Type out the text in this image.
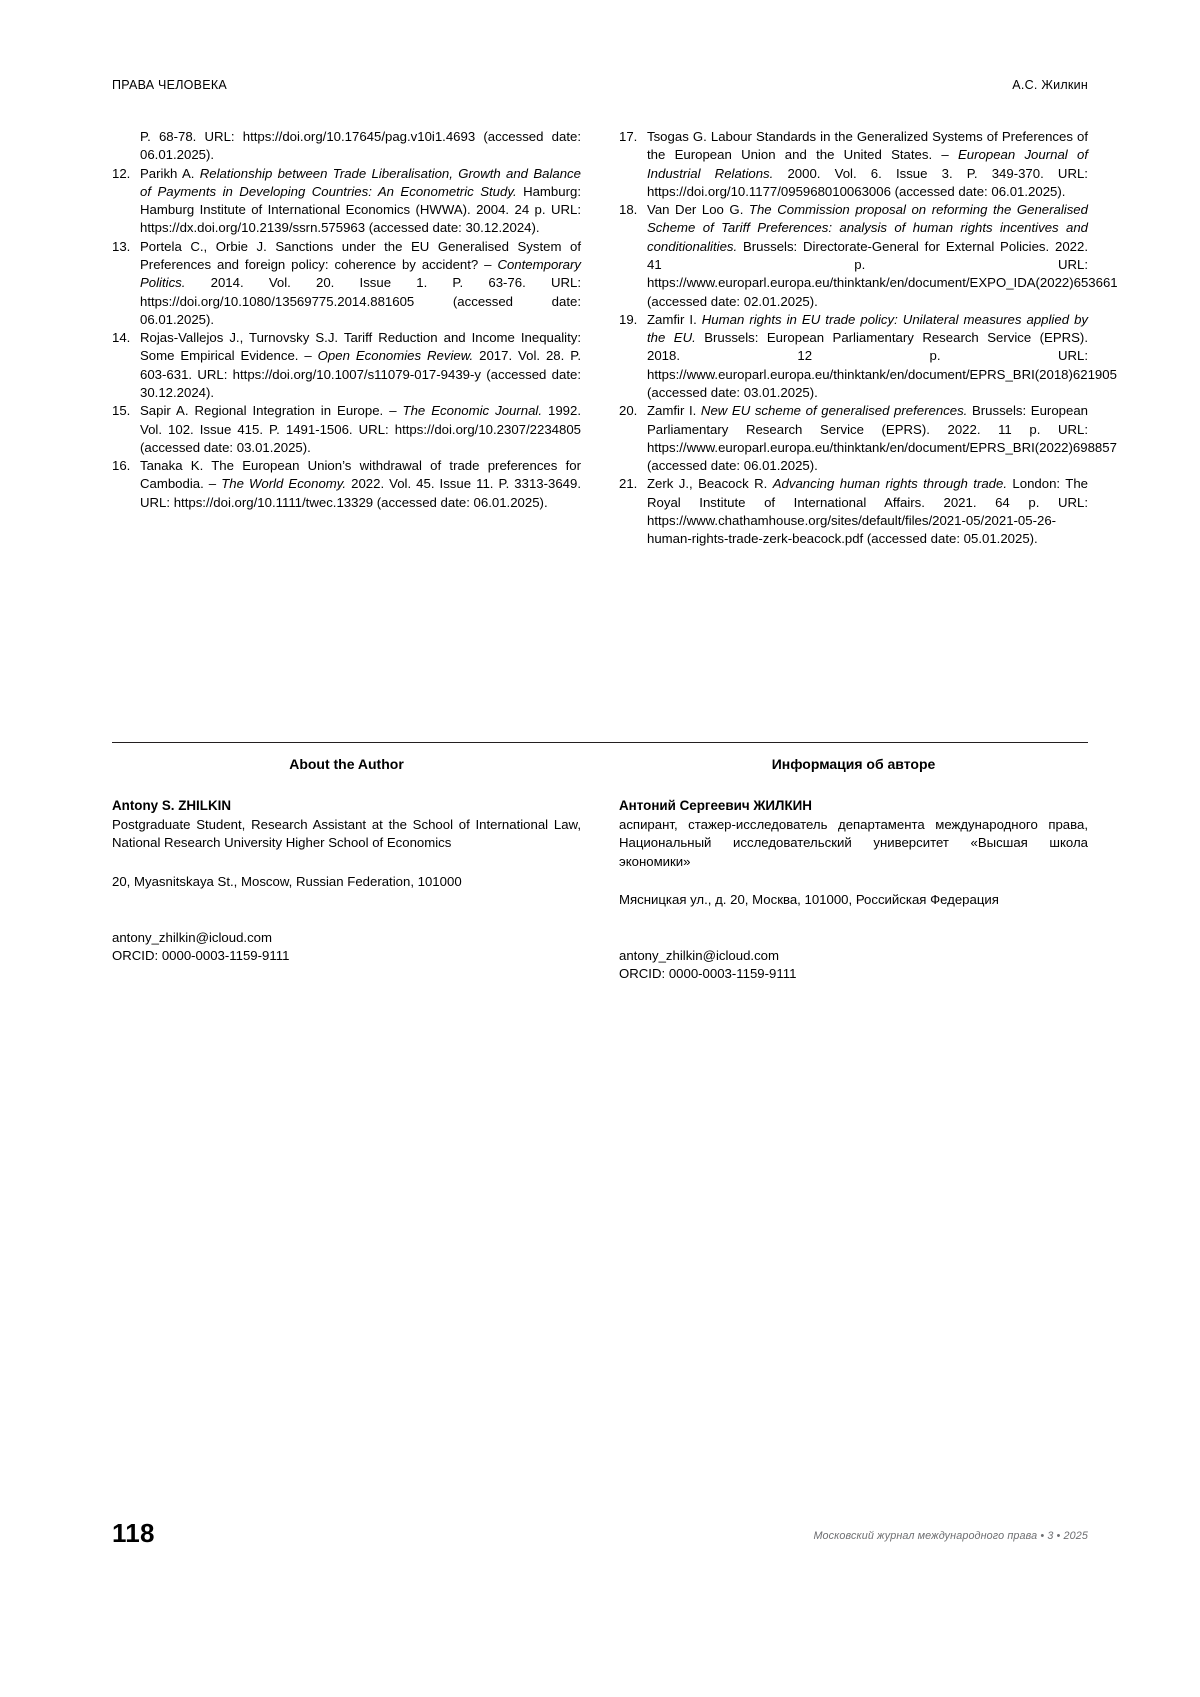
ПРАВА ЧЕЛОВЕКА	А.С. Жилкин
P. 68-78. URL: https://doi.org/10.17645/pag.v10i1.4693 (accessed date: 06.01.2025).
12. Parikh A. Relationship between Trade Liberalisation, Growth and Balance of Payments in Developing Countries: An Econometric Study. Hamburg: Hamburg Institute of International Economics (HWWA). 2004. 24 p. URL: https://dx.doi.org/10.2139/ssrn.575963 (accessed date: 30.12.2024).
13. Portela C., Orbie J. Sanctions under the EU Generalised System of Preferences and foreign policy: coherence by accident? – Contemporary Politics. 2014. Vol. 20. Issue 1. P. 63-76. URL: https://doi.org/10.1080/13569775.2014.881605 (accessed date: 06.01.2025).
14. Rojas-Vallejos J., Turnovsky S.J. Tariff Reduction and Income Inequality: Some Empirical Evidence. – Open Economies Review. 2017. Vol. 28. P. 603-631. URL: https://doi.org/10.1007/s11079-017-9439-y (accessed date: 30.12.2024).
15. Sapir A. Regional Integration in Europe. – The Economic Journal. 1992. Vol. 102. Issue 415. P. 1491-1506. URL: https://doi.org/10.2307/2234805 (accessed date: 03.01.2025).
16. Tanaka K. The European Union’s withdrawal of trade preferences for Cambodia. – The World Economy. 2022. Vol. 45. Issue 11. P. 3313-3649. URL: https://doi.org/10.1111/twec.13329 (accessed date: 06.01.2025).
17. Tsogas G. Labour Standards in the Generalized Systems of Preferences of the European Union and the United States. – European Journal of Industrial Relations. 2000. Vol. 6. Issue 3. P. 349-370. URL: https://doi.org/10.1177/095968010063006 (accessed date: 06.01.2025).
18. Van Der Loo G. The Commission proposal on reforming the Generalised Scheme of Tariff Preferences: analysis of human rights incentives and conditionalities. Brussels: Directorate-General for External Policies. 2022. 41 p. URL: https://www.europarl.europa.eu/thinktank/en/document/EXPO_IDA(2022)653661 (accessed date: 02.01.2025).
19. Zamfir I. Human rights in EU trade policy: Unilateral measures applied by the EU. Brussels: European Parliamentary Research Service (EPRS). 2018. 12 p. URL: https://www.europarl.europa.eu/thinktank/en/document/EPRS_BRI(2018)621905 (accessed date: 03.01.2025).
20. Zamfir I. New EU scheme of generalised preferences. Brussels: European Parliamentary Research Service (EPRS). 2022. 11 p. URL: https://www.europarl.europa.eu/thinktank/en/document/EPRS_BRI(2022)698857 (accessed date: 06.01.2025).
21. Zerk J., Beacock R. Advancing human rights through trade. London: The Royal Institute of International Affairs. 2021. 64 p. URL: https://www.chathamhouse.org/sites/default/files/2021-05/2021-05-26-human-rights-trade-zerk-beacock.pdf (accessed date: 05.01.2025).
About the Author
Antony S. ZHILKIN
Postgraduate Student, Research Assistant at the School of International Law, National Research University Higher School of Economics
20, Myasnitskaya St., Moscow, Russian Federation, 101000
antony_zhilkin@icloud.com
ORCID: 0000-0003-1159-9111
Информация об авторе
Антоний Сергеевич ЖИЛКИН
аспирант, стажер-исследователь департамента международного права, Национальный исследовательский университет «Высшая школа экономики»
Мясницкая ул., д. 20, Москва, 101000, Российская Федерация
antony_zhilkin@icloud.com
ORCID: 0000-0003-1159-9111
118	Московский журнал международного права • 3 • 2025
